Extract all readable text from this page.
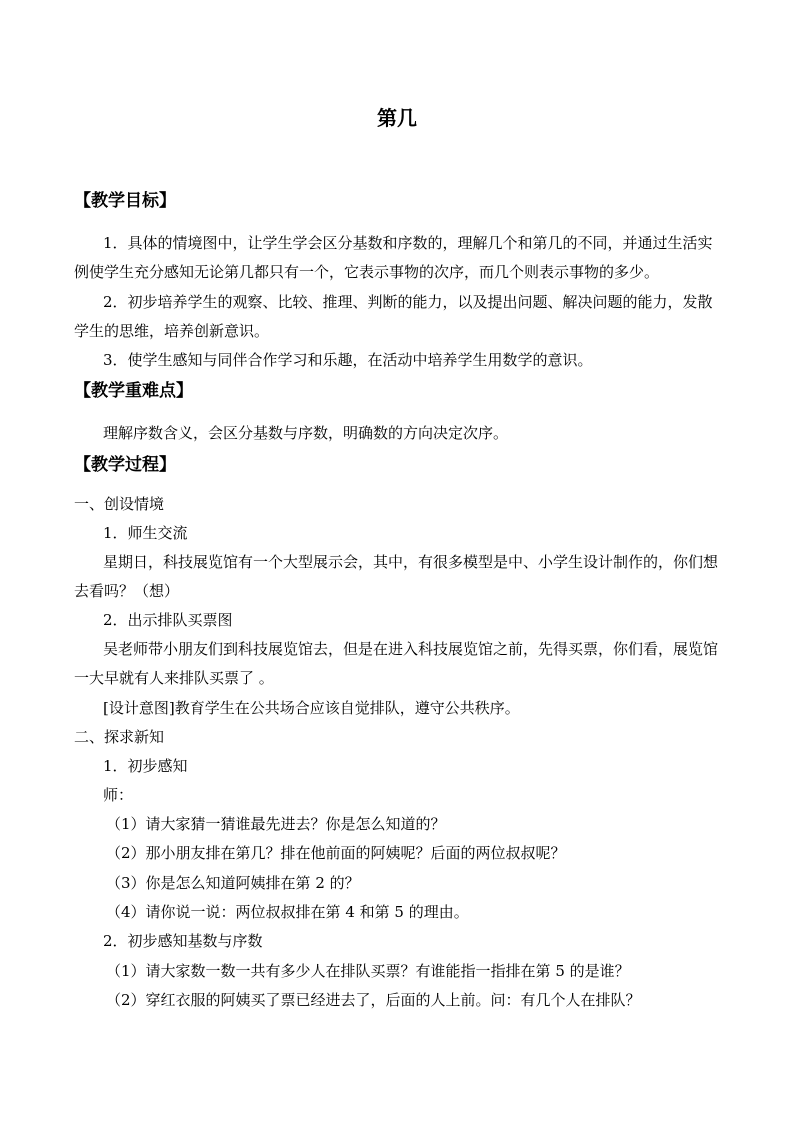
第几
【教学目标】

1．具体的情境图中，让学生学会区分基数和序数的，理解几个和第几的不同，并通过生活实例使学生充分感知无论第几都只有一个，它表示事物的次序，而几个则表示事物的多少。

2．初步培养学生的观察、比较、推理、判断的能力，以及提出问题、解决问题的能力，发散学生的思维，培养创新意识。

3．使学生感知与同伴合作学习和乐趣，在活动中培养学生用数学的意识。

【教学重难点】

理解序数含义，会区分基数与序数，明确数的方向决定次序。

【教学过程】

一、创设情境

1．师生交流

星期日，科技展览馆有一个大型展示会，其中，有很多模型是中、小学生设计制作的，你们想去看吗？（想）

2．出示排队买票图

吴老师带小朋友们到科技展览馆去，但是在进入科技展览馆之前，先得买票，你们看，展览馆一大早就有人来排队买票了 。

[设计意图]教育学生在公共场合应该自觉排队，遵守公共秩序。

二、探求新知

1．初步感知

师：

（1）请大家猜一猜谁最先进去？你是怎么知道的？

（2）那小朋友排在第几？排在他前面的阿姨呢？后面的两位叔叔呢？

（3）你是怎么知道阿姨排在第 2 的？

（4）请你说一说：两位叔叔排在第 4 和第 5 的理由。

2．初步感知基数与序数

（1）请大家数一数一共有多少人在排队买票？有谁能指一指排在第 5 的是谁？

（2）穿红衣服的阿姨买了票已经进去了，后面的人上前。问：有几个人在排队？
